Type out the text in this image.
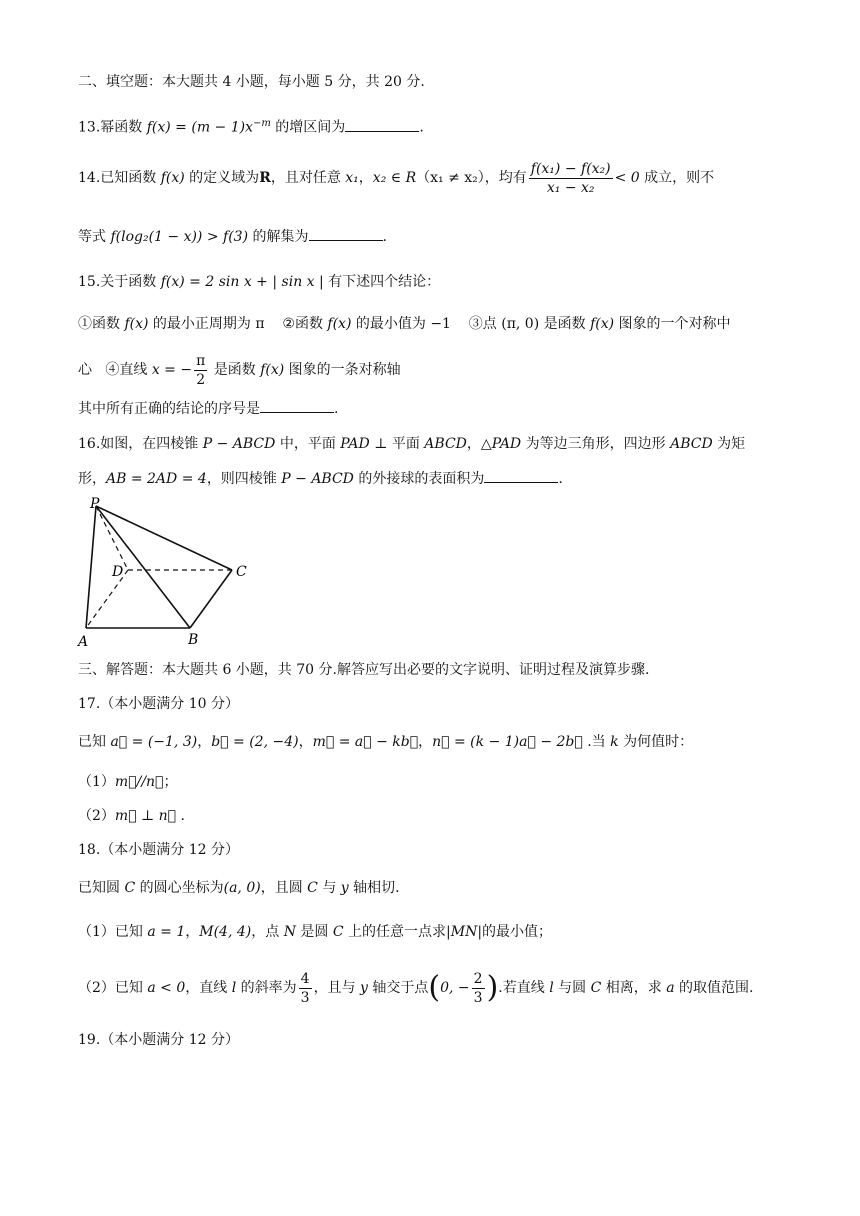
二、填空题：本大题共 4 小题，每小题 5 分，共 20 分.
13.幂函数 $f(x) = (m - 1)x^{-m}$ 的增区间为	.
14.已知函数 f(x) 的定义域为R，且对任意 x₁，x₂ ∈ R（x₁ ≠ x₂），均有 $\frac{\text{f(x₁) − f(x₂)}}{\text{x₁ − x₂}} < 0$ 成立，则不
等式 f(log₂(1 − x)) > f(3) 的解集为	.
15.关于函数 f(x) = 2 sin x + | sin x | 有下述四个结论：
①函数 f(x) 的最小正周期为 π ②函数 f(x) 的最小值为 −1 ③点 (π, 0) 是函数 f(x) 图象的一个对称中
心 ④直线 x = − $\frac{\pi}{2}$ 是函数 f(x) 图象的一条对称轴
其中所有正确的结论的序号是	.
16.如图，在四棱锥 P − ABCD 中，平面 PAD ⊥ 平面 ABCD，△PAD 为等边三角形，四边形 ABCD 为矩
形，AB = 2AD = 4，则四棱锥 P − ABCD 的外接球的表面积为	.
P
D	C
A	B
三、解答题：本大题共 6 小题，共 70 分.解答应写出必要的文字说明、证明过程及演算步骤.
17.（本小题满分 10 分）
已知 a⃗ = (−1, 3)，b⃗ = (2, −4)，m⃗ = a⃗ − kb⃗，n⃗ = (k − 1)a⃗ − 2b⃗ .当 k 为何值时：
（1）m⃗//n⃗；
（2）m⃗ ⊥ n⃗ .
18.（本小题满分 12 分）
已知圆 C 的圆心坐标为(a, 0)，且圆 C 与 y 轴相切.
（1）已知 a = 1，M(4, 4)，点 N 是圆 C 上的任意一点求|MN|的最小值；
（2）已知 a < 0，直线 l 的斜率为 $\frac{4}{3}$ ，且与 y 轴交于点(0, − $\frac{2}{3}$ ).若直线 l 与圆 C 相离，求 a 的取值范围.
19.（本小题满分 12 分）
